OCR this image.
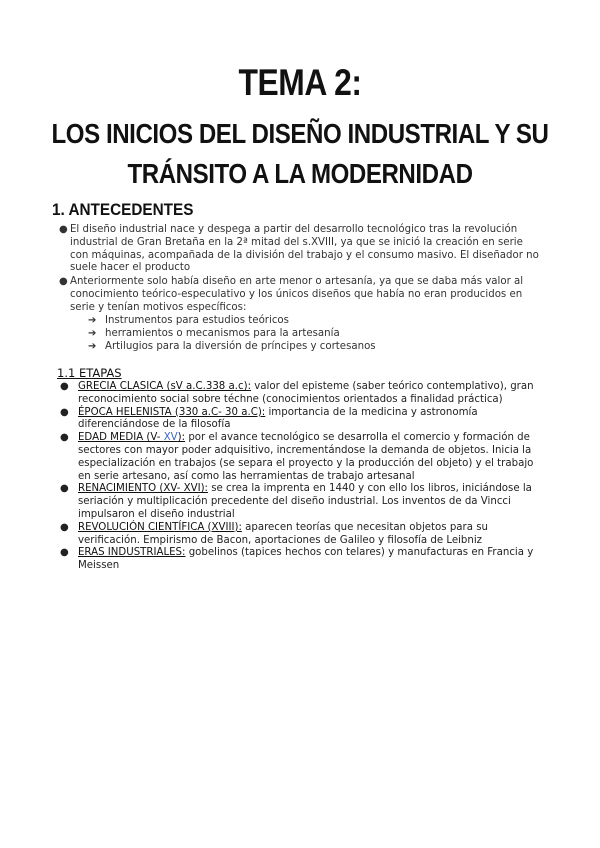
TEMA 2:
LOS INICIOS DEL DISEÑO INDUSTRIAL Y SU
TRÁNSITO A LA MODERNIDAD
1. ANTECEDENTES
● El diseño industrial nace y despega a partir del desarrollo tecnológico tras la revolución industrial de Gran Bretaña en la 2ª mitad del s.XVIII, ya que se inició la creación en serie con máquinas, acompañada de la división del trabajo y el consumo masivo. El diseñador no suele hacer el producto
● Anteriormente solo había diseño en arte menor o artesanía, ya que se daba más valor al conocimiento teórico-especulativo y los únicos diseños que había no eran producidos en serie y tenían motivos específicos:
➔ Instrumentos para estudios teóricos
➔ herramientos o mecanismos para la artesanía
➔ Artilugios para la diversión de príncipes y cortesanos
1.1 ETAPAS
● GRECIA CLASICA (sV a.C.338 a.c): valor del episteme (saber teórico contemplativo), gran reconocimiento social sobre téchne (conocimientos orientados a finalidad práctica)
● ÉPOCA HELENISTA (330 a.C- 30 a.C): importancia de la medicina y astronomía diferenciándose de la filosofía
● EDAD MEDIA (V- XV): por el avance tecnológico se desarrolla el comercio y formación de sectores con mayor poder adquisitivo, incrementándose la demanda de objetos. Inicia la especialización en trabajos (se separa el proyecto y la producción del objeto) y el trabajo en serie artesano, así como las herramientas de trabajo artesanal
● RENACIMIENTO (XV- XVI): se crea la imprenta en 1440 y con ello los libros, iniciándose la seriación y multiplicación precedente del diseño industrial. Los inventos de da Vincci impulsaron el diseño industrial
● REVOLUCIÓN CIENTÍFICA (XVIII): aparecen teorías que necesitan objetos para su verificación. Empirismo de Bacon, aportaciones de Galileo y filosofía de Leibniz
● ERAS INDUSTRIALES: gobelinos (tapices hechos con telares) y manufacturas en Francia y Meissen
